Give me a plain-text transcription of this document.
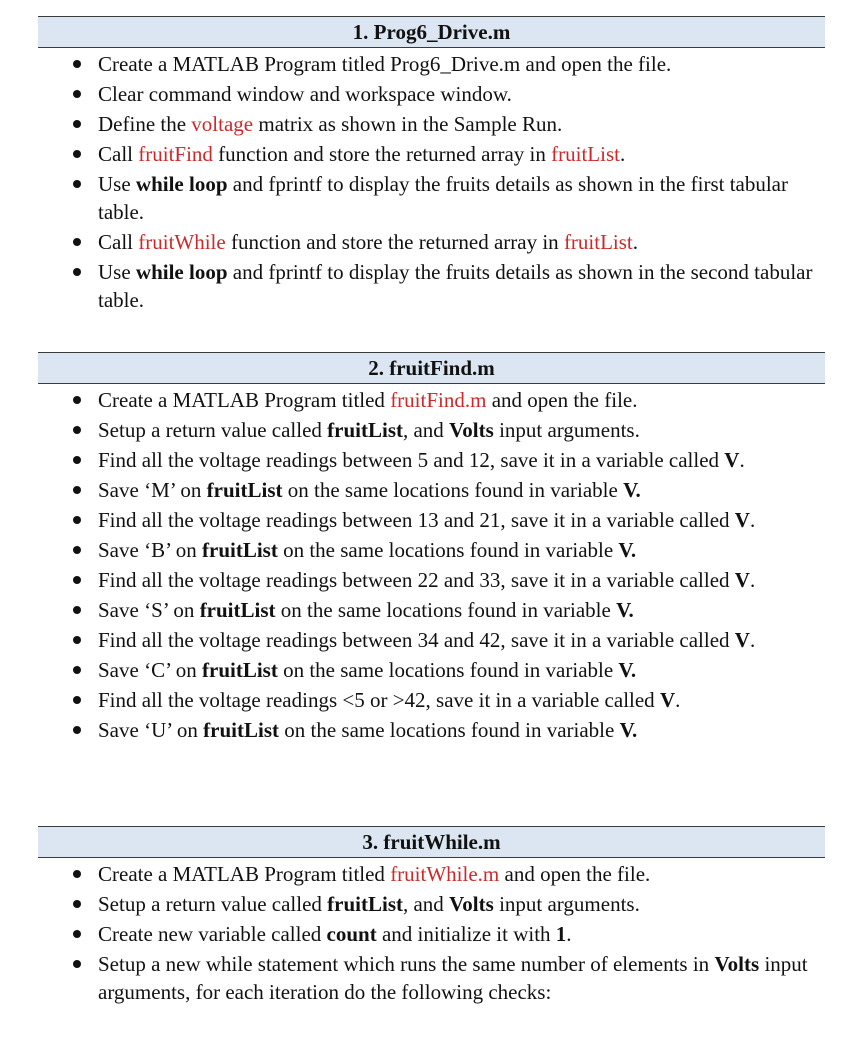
1. Prog6_Drive.m
Create a MATLAB Program titled Prog6_Drive.m and open the file.
Clear command window and workspace window.
Define the voltage matrix as shown in the Sample Run.
Call fruitFind function and store the returned array in fruitList.
Use while loop and fprintf to display the fruits details as shown in the first tabular table.
Call fruitWhile function and store the returned array in fruitList.
Use while loop and fprintf to display the fruits details as shown in the second tabular table.
2. fruitFind.m
Create a MATLAB Program titled fruitFind.m and open the file.
Setup a return value called fruitList, and Volts input arguments.
Find all the voltage readings between 5 and 12, save it in a variable called V.
Save ‘M’ on fruitList on the same locations found in variable V.
Find all the voltage readings between 13 and 21, save it in a variable called V.
Save ‘B’ on fruitList on the same locations found in variable V.
Find all the voltage readings between 22 and 33, save it in a variable called V.
Save ‘S’ on fruitList on the same locations found in variable V.
Find all the voltage readings between 34 and 42, save it in a variable called V.
Save ‘C’ on fruitList on the same locations found in variable V.
Find all the voltage readings <5 or >42, save it in a variable called V.
Save ‘U’ on fruitList on the same locations found in variable V.
3. fruitWhile.m
Create a MATLAB Program titled fruitWhile.m and open the file.
Setup a return value called fruitList, and Volts input arguments.
Create new variable called count and initialize it with 1.
Setup a new while statement which runs the same number of elements in Volts input arguments, for each iteration do the following checks:
